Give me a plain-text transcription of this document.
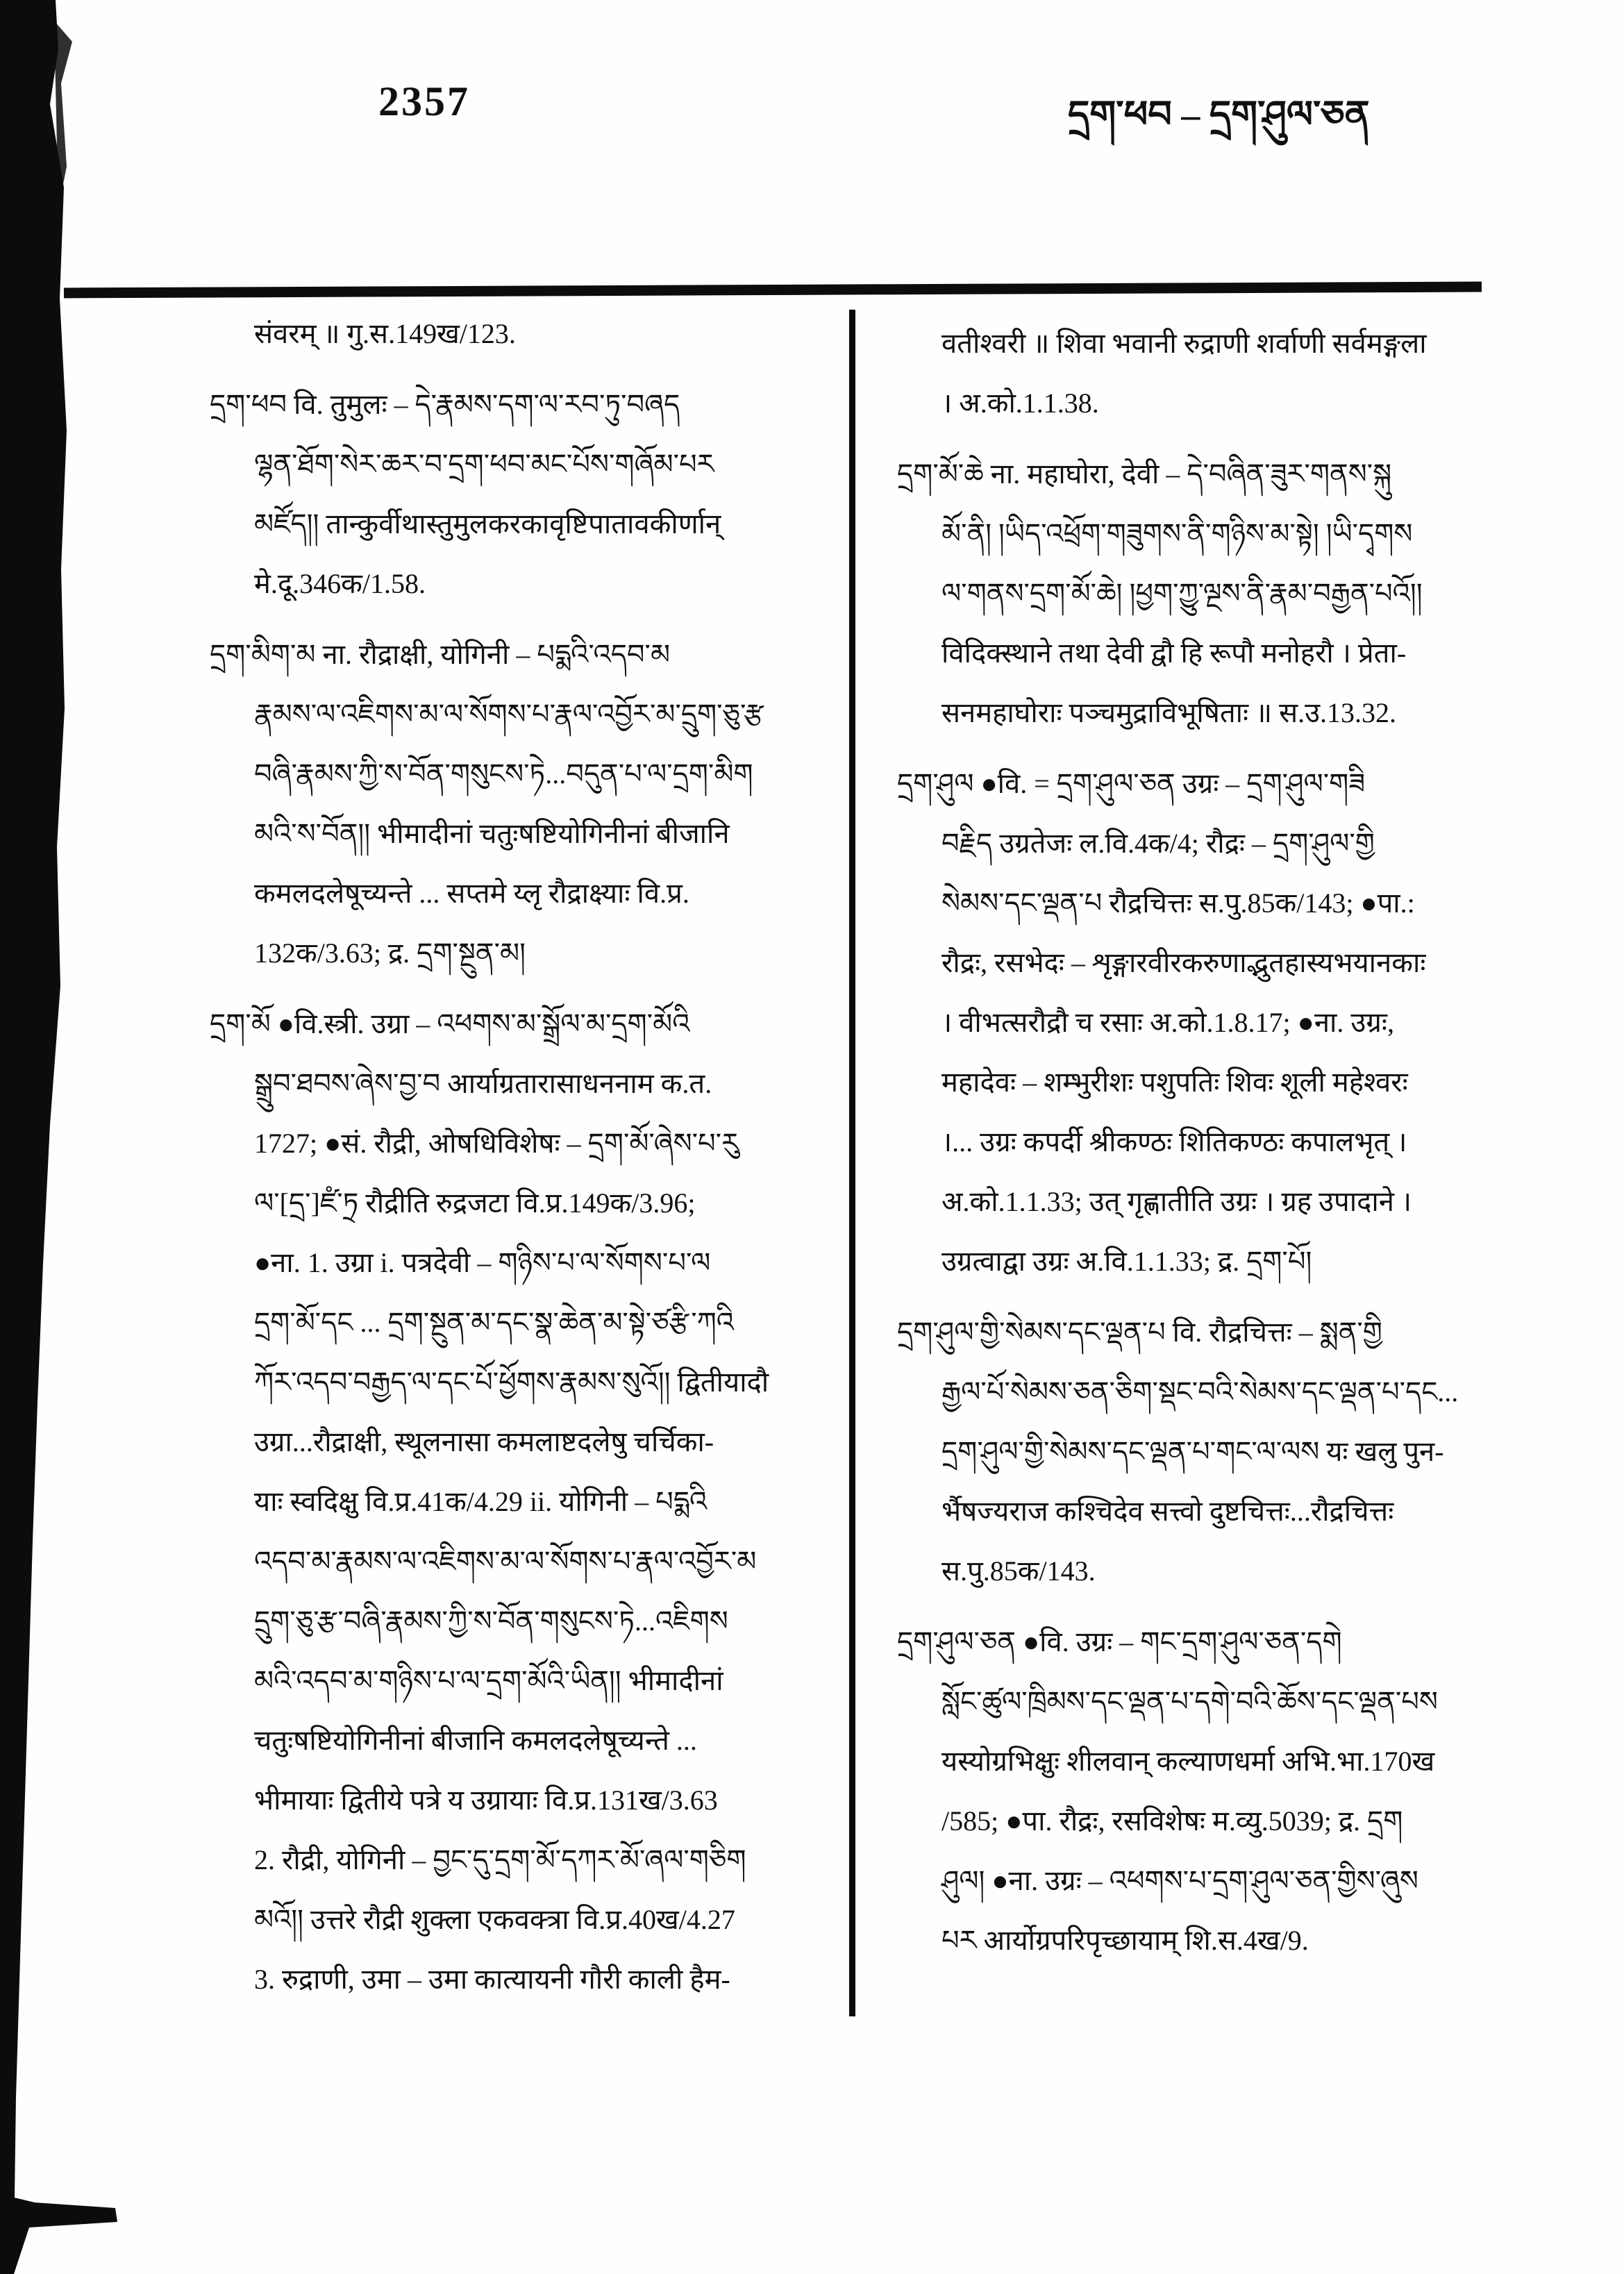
2357	དྲག་ཕབ – དྲག་ཤུལ་ཅན
संवरम् ॥ गु.स.149ख/123.
དྲག་ཕབ वि. तुमुलः – དེ་རྣམས་དག་ལ་རབ་ཏུ་བཞད
ལྷན་ཐོག་སེར་ཆར་བ་དྲག་ཕབ་མང་པོས་གཞོམ་པར
མཛོད།། तान्कुर्वीथास्तुमुलकरकावृष्टिपातावकीर्णान्
मे.दू.346क/1.58.
དྲག་མིག་མ ना. रौद्राक्षी, योगिनी – པདྨའི་འདབ་མ
རྣམས་ལ་འཇིགས་མ་ལ་སོགས་པ་རྣལ་འབྱོར་མ་དྲུག་ཅུ་རྩ
བཞི་རྣམས་ཀྱི་ས་བོན་གསུངས་ཏེ...བདུན་པ་ལ་དྲག་མིག
མའི་ས་བོན།། भीमादीनां चतुःषष्टियोगिनीनां बीजानि
कमलदलेषूच्यन्ते ... सप्तमे य्लृ रौद्राक्ष्याः वि.प्र.
132क/3.63; द्र. དྲག་སྔུན་མ།
དྲག་མོ ●वि.स्त्री. उग्रा – འཕགས་མ་སྒྲོལ་མ་དྲག་མོའི
སྒྲུབ་ཐབས་ཞེས་བྱ་བ आर्याग्रतारासाधननाम क.त.
1727; ●सं. रौद्री, ओषधिविशेषः – དྲག་མོ་ཞེས་པ་རུ
ལ་[དྲ་]ཛཾ་ཏྲ रौद्रीति रुद्रजटा वि.प्र.149क/3.96;
●ना. 1. उग्रा i. पत्रदेवी – གཉིས་པ་ལ་སོགས་པ་ལ
དྲག་མོ་དང ... དྲག་སྔུན་མ་དང་སྣ་ཆེན་མ་སྟེ་ཙརྩི་ཀའི
ཀོར་འདབ་བརྒྱད་ལ་དང་པོ་ཕྱོགས་རྣམས་སུའོ།། द्वितीयादौ
उग्रा...रौद्राक्षी, स्थूलनासा कमलाष्टदलेषु चर्चिका-
याः स्वदिक्षु वि.प्र.41क/4.29 ii. योगिनी – པདྨའི
འདབ་མ་རྣམས་ལ་འཇིགས་མ་ལ་སོགས་པ་རྣལ་འབྱོར་མ
དྲུག་ཅུ་རྩ་བཞི་རྣམས་ཀྱི་ས་བོན་གསུངས་ཏེ...འཇིགས
མའི་འདབ་མ་གཉིས་པ་ལ་དྲག་མོའི་ཡིན།། भीमादीनां
चतुःषष्टियोगिनीनां बीजानि कमलदलेषूच्यन्ते ...
भीमायाः द्वितीये पत्रे य उग्रायाः वि.प्र.131ख/3.63
2. रौद्री, योगिनी – བྱང་དུ་དྲག་མོ་དཀར་མོ་ཞལ་གཅིག
མའོ།། उत्तरे रौद्री शुक्ला एकवक्त्रा वि.प्र.40ख/4.27
3. रुद्राणी, उमा – उमा कात्यायनी गौरी काली हैम-
वतीश्वरी ॥ शिवा भवानी रुद्राणी शर्वाणी सर्वमङ्गला
। अ.को.1.1.38.
དྲག་མོ་ཆེ ना. महाघोरा, देवी – དེ་བཞིན་ཟུར་གནས་སྐུ
མོ་ནི། །ཡིད་འཕྲོག་གཟུགས་ནི་གཉིས་མ་སྟེ། །ཡི་དྭགས
ལ་གནས་དྲག་མོ་ཆེ། །ཕྱག་ཀྱུ་ལྔས་ནི་རྣམ་བརྒྱན་པའོ།།
विदिक्स्थाने तथा देवी द्वौ हि रूपौ मनोहरौ । प्रेता-
सनमहाघोराः पञ्चमुद्राविभूषिताः ॥ स.उ.13.32.
དྲག་ཤུལ ●वि. = དྲག་ཤུལ་ཅན उग्रः – དྲག་ཤུལ་གཟི
བརྗིད उग्रतेजः ल.वि.4क/4; रौद्रः – དྲག་ཤུལ་གྱི
སེམས་དང་ལྡན་པ रौद्रचित्तः स.पु.85क/143; ●पा.:
रौद्रः, रसभेदः – शृङ्गारवीरकरुणाद्भुतहास्यभयानकाः
। वीभत्सरौद्रौ च रसाः अ.को.1.8.17; ●ना. उग्रः,
महादेवः – शम्भुरीशः पशुपतिः शिवः शूली महेश्वरः
।... उग्रः कपर्दी श्रीकण्ठः शितिकण्ठः कपालभृत् ।
अ.को.1.1.33; उत् गृह्णातीति उग्रः । ग्रह उपादाने ।
उग्रत्वाद्वा उग्रः अ.वि.1.1.33; द्र. དྲག་པོ།
དྲག་ཤུལ་གྱི་སེམས་དང་ལྡན་པ वि. रौद्रचित्तः – སྨན་གྱི
རྒྱལ་པོ་སེམས་ཅན་ཅིག་སྡང་བའི་སེམས་དང་ལྡན་པ་དང...
དྲག་ཤུལ་གྱི་སེམས་དང་ལྡན་པ་གང་ལ་ལས यः खलु पुन-
र्भैषज्यराज कश्चिदेव सत्त्वो दुष्टचित्तः...रौद्रचित्तः
स.पु.85क/143.
དྲག་ཤུལ་ཅན ●वि. उग्रः – གང་དྲག་ཤུལ་ཅན་དགེ
སློང་ཚུལ་ཁྲིམས་དང་ལྡན་པ་དགེ་བའི་ཆོས་དང་ལྡན་པས
यस्योग्रभिक्षुः शीलवान् कल्याणधर्मा अभि.भा.170ख
/585; ●पा. रौद्रः, रसविशेषः म.व्यु.5039; द्र. དྲག
ཤུལ། ●ना. उग्रः – འཕགས་པ་དྲག་ཤུལ་ཅན་གྱིས་ཞུས
པར आर्योग्रपरिपृच्छायाम् शि.स.4ख/9.
